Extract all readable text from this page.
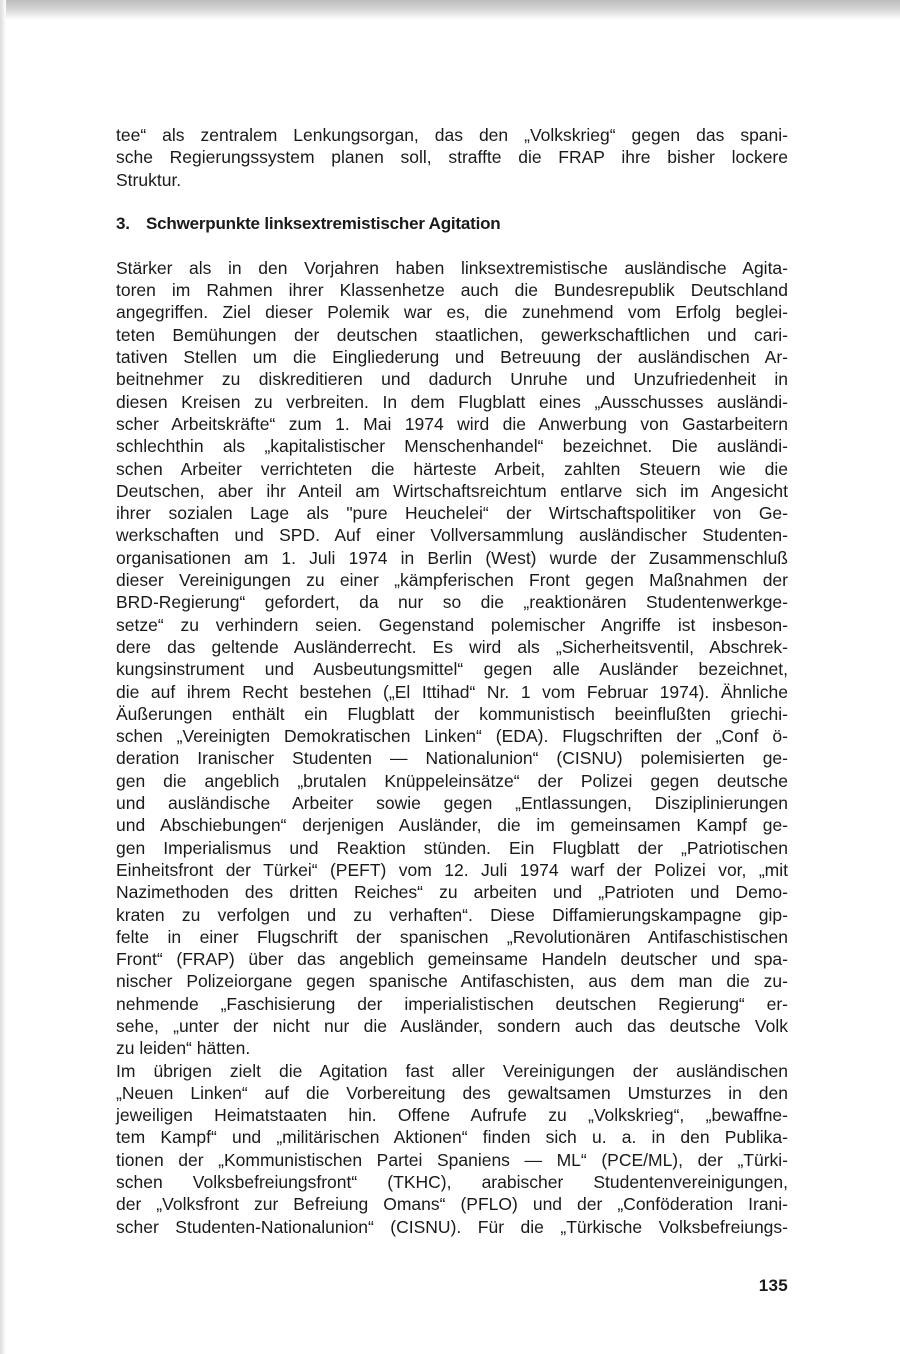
tee“ als zentralem Lenkungsorgan, das den „Volkskrieg“ gegen das spani-
sche Regierungssystem planen soll, straffte die FRAP ihre bisher lockere
Struktur.
3. Schwerpunkte linksextremistischer Agitation
Stärker als in den Vorjahren haben linksextremistische ausländische Agita-
toren im Rahmen ihrer Klassenhetze auch die Bundesrepublik Deutschland
angegriffen. Ziel dieser Polemik war es, die zunehmend vom Erfolg beglei-
teten Bemühungen der deutschen staatlichen, gewerkschaftlichen und cari-
tativen Stellen um die Eingliederung und Betreuung der ausländischen Ar-
beitnehmer zu diskreditieren und dadurch Unruhe und Unzufriedenheit in
diesen Kreisen zu verbreiten. In dem Flugblatt eines „Ausschusses ausländi-
scher Arbeitskräfte“ zum 1. Mai 1974 wird die Anwerbung von Gastarbeitern
schlechthin als „kapitalistischer Menschenhandel“ bezeichnet. Die ausländi-
schen Arbeiter verrichteten die härteste Arbeit, zahlten Steuern wie die
Deutschen, aber ihr Anteil am Wirtschaftsreichtum entlarve sich im Angesicht
ihrer sozialen Lage als "pure Heuchelei“ der Wirtschaftspolitiker von Ge-
werkschaften und SPD. Auf einer Vollversammlung ausländischer Studenten-
organisationen am 1. Juli 1974 in Berlin (West) wurde der Zusammenschluß
dieser Vereinigungen zu einer „kämpferischen Front gegen Maßnahmen der
BRD-Regierung“ gefordert, da nur so die „reaktionären Studentenwerkge-
setze“ zu verhindern seien. Gegenstand polemischer Angriffe ist insbeson-
dere das geltende Ausländerrecht. Es wird als „Sicherheitsventil, Abschrek-
kungsinstrument und Ausbeutungsmittel“ gegen alle Ausländer bezeichnet,
die auf ihrem Recht bestehen („El Ittihad“ Nr. 1 vom Februar 1974). Ähnliche
Äußerungen enthält ein Flugblatt der kommunistisch beeinflußten griechi-
schen „Vereinigten Demokratischen Linken“ (EDA). Flugschriften der „Conf ö-
deration Iranischer Studenten — Nationalunion“ (CISNU) polemisierten ge-
gen die angeblich „brutalen Knüppeleinsätze“ der Polizei gegen deutsche
und ausländische Arbeiter sowie gegen „Entlassungen, Disziplinierungen
und Abschiebungen“ derjenigen Ausländer, die im gemeinsamen Kampf ge-
gen Imperialismus und Reaktion stünden. Ein Flugblatt der „Patriotischen
Einheitsfront der Türkei“ (PEFT) vom 12. Juli 1974 warf der Polizei vor, „mit
Nazimethoden des dritten Reiches“ zu arbeiten und „Patrioten und Demo-
kraten zu verfolgen und zu verhaften“. Diese Diffamierungskampagne gip-
felte in einer Flugschrift der spanischen „Revolutionären Antifaschistischen
Front“ (FRAP) über das angeblich gemeinsame Handeln deutscher und spa-
nischer Polizeiorgane gegen spanische Antifaschisten, aus dem man die zu-
nehmende „Faschisierung der imperialistischen deutschen Regierung“ er-
sehe, „unter der nicht nur die Ausländer, sondern auch das deutsche Volk
zu leiden“ hätten.
Im übrigen zielt die Agitation fast aller Vereinigungen der ausländischen
„Neuen Linken“ auf die Vorbereitung des gewaltsamen Umsturzes in den
jeweiligen Heimatstaaten hin. Offene Aufrufe zu „Volkskrieg“, „bewaffne-
tem Kampf“ und „militärischen Aktionen“ finden sich u. a. in den Publika-
tionen der „Kommunistischen Partei Spaniens — ML“ (PCE/ML), der „Türki-
schen Volksbefreiungsfront“ (TKHC), arabischer Studentenvereinigungen,
der „Volksfront zur Befreiung Omans“ (PFLO) und der „Conföderation Irani-
scher Studenten-Nationalunion“ (CISNU). Für die „Türkische Volksbefreiungs-
135
